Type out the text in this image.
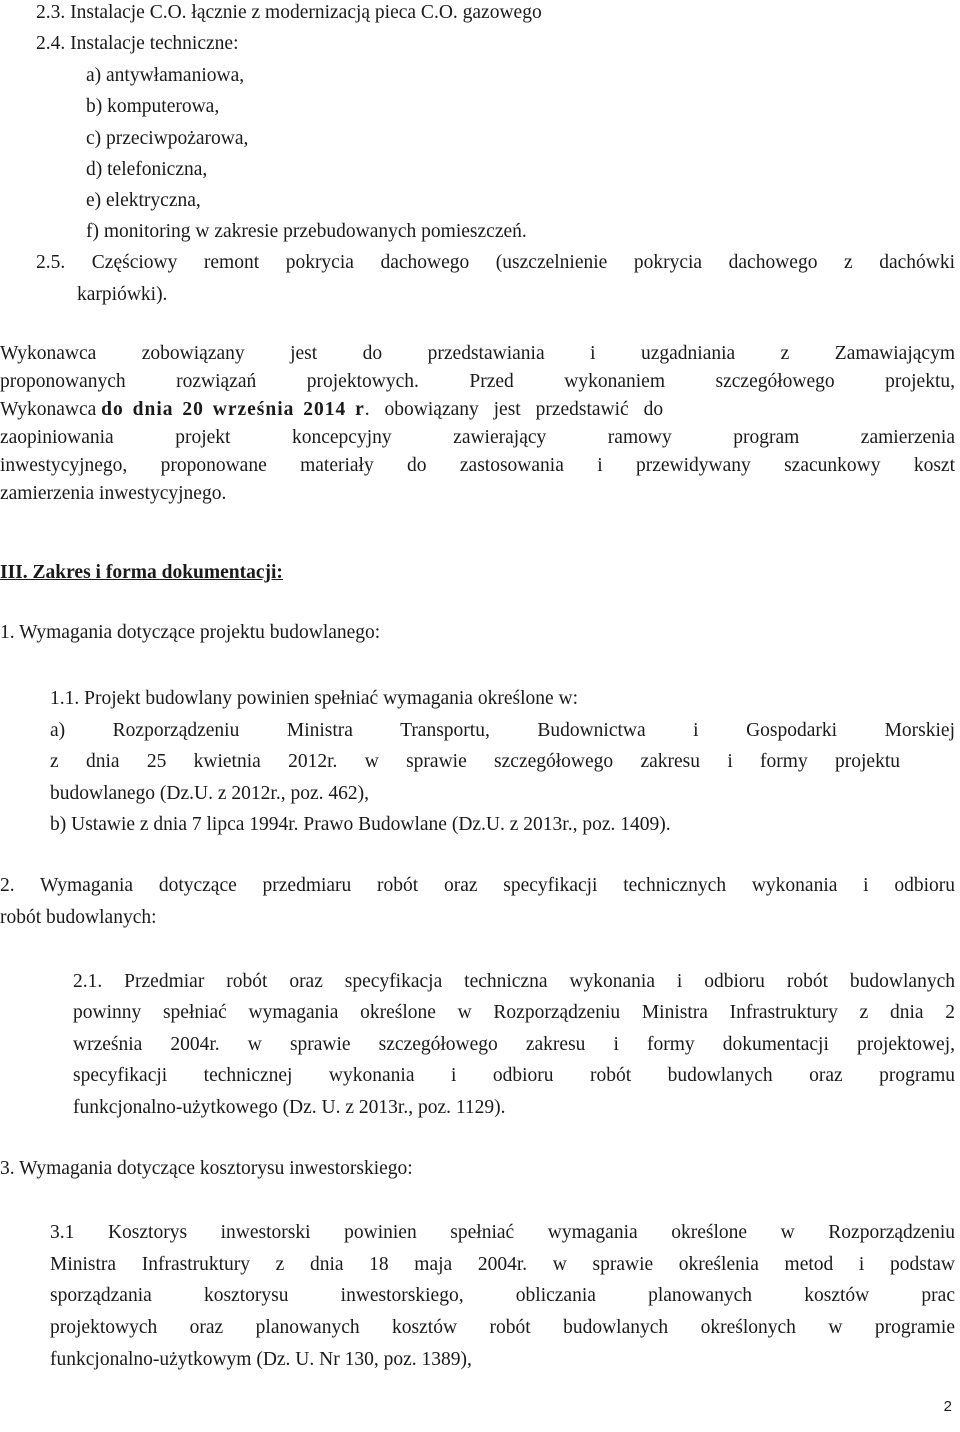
2.3. Instalacje C.O. łącznie z modernizacją pieca C.O. gazowego

2.4. Instalacje techniczne:

a) antywłamaniowa,

b) komputerowa,

c) przeciwpożarowa,

d) telefoniczna,

e) elektryczna,

f) monitoring w zakresie przebudowanych pomieszczeń.

2.5. Częściowy remont pokrycia dachowego (uszczelnienie pokrycia dachowego z dachówki

karpiówki).

Wykonawca zobowiązany jest do przedstawiania i uzgadniania z Zamawiającym

proponowanych rozwiązań projektowych. Przed wykonaniem szczegółowego projektu,

Wykonawca do dnia 20 września 2014 r. obowiązany jest przedstawić do

zaopiniowania projekt koncepcyjny zawierający ramowy program zamierzenia

inwestycyjnego, proponowane materiały do zastosowania i przewidywany szacunkowy koszt

zamierzenia inwestycyjnego.

III. Zakres i forma dokumentacji:

1. Wymagania dotyczące projektu budowlanego:

1.1. Projekt budowlany powinien spełniać wymagania określone w:

a) Rozporządzeniu Ministra Transportu, Budownictwa i Gospodarki Morskiej

z dnia 25 kwietnia 2012r. w sprawie szczegółowego zakresu i formy projektu

budowlanego (Dz.U. z 2012r., poz. 462),

b) Ustawie z dnia 7 lipca 1994r. Prawo Budowlane (Dz.U. z 2013r., poz. 1409).

2. Wymagania dotyczące przedmiaru robót oraz specyfikacji technicznych wykonania i odbioru

robót budowlanych:

2.1. Przedmiar robót oraz specyfikacja techniczna wykonania i odbioru robót budowlanych

powinny spełniać wymagania określone w Rozporządzeniu Ministra Infrastruktury z dnia 2

września 2004r. w sprawie szczegółowego zakresu i formy dokumentacji projektowej,

specyfikacji technicznej wykonania i odbioru robót budowlanych oraz programu

funkcjonalno-użytkowego (Dz. U. z 2013r., poz. 1129).

3. Wymagania dotyczące kosztorysu inwestorskiego:

3.1 Kosztorys inwestorski powinien spełniać wymagania określone w Rozporządzeniu

Ministra Infrastruktury z dnia 18 maja 2004r. w sprawie określenia metod i podstaw

sporządzania kosztorysu inwestorskiego, obliczania planowanych kosztów prac

projektowych oraz planowanych kosztów robót budowlanych określonych w programie

funkcjonalno-użytkowym (Dz. U. Nr 130, poz. 1389),

2
